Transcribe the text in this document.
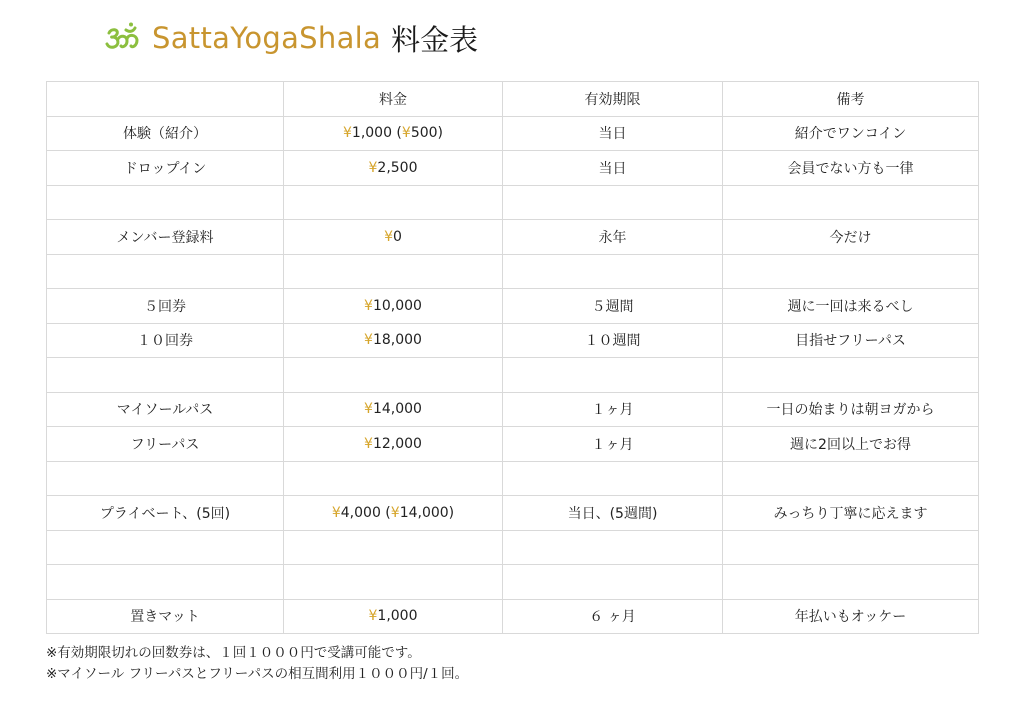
SattaYogaShala 料金表
	料金	有効期限	備考
体験（紹介）	¥1,000 (¥500)	当日	紹介でワンコイン
ドロップイン	¥2,500	当日	会員でない方も一律

メンバー登録料	¥0	永年	今だけ

５回券	¥10,000	５週間	週に一回は来るべし
１０回券	¥18,000	１０週間	目指せフリーパス

マイソールパス	¥14,000	１ヶ月	一日の始まりは朝ヨガから
フリーパス	¥12,000	１ヶ月	週に2回以上でお得

プライベート、(5回)	¥4,000 (¥14,000)	当日、(5週間)	みっちり丁寧に応えます

置きマット	¥1,000	６ ヶ月	年払いもオッケー
※有効期限切れの回数券は、１回１０００円で受講可能です。
※マイソール フリーパスとフリーパスの相互間利用１０００円/１回。
